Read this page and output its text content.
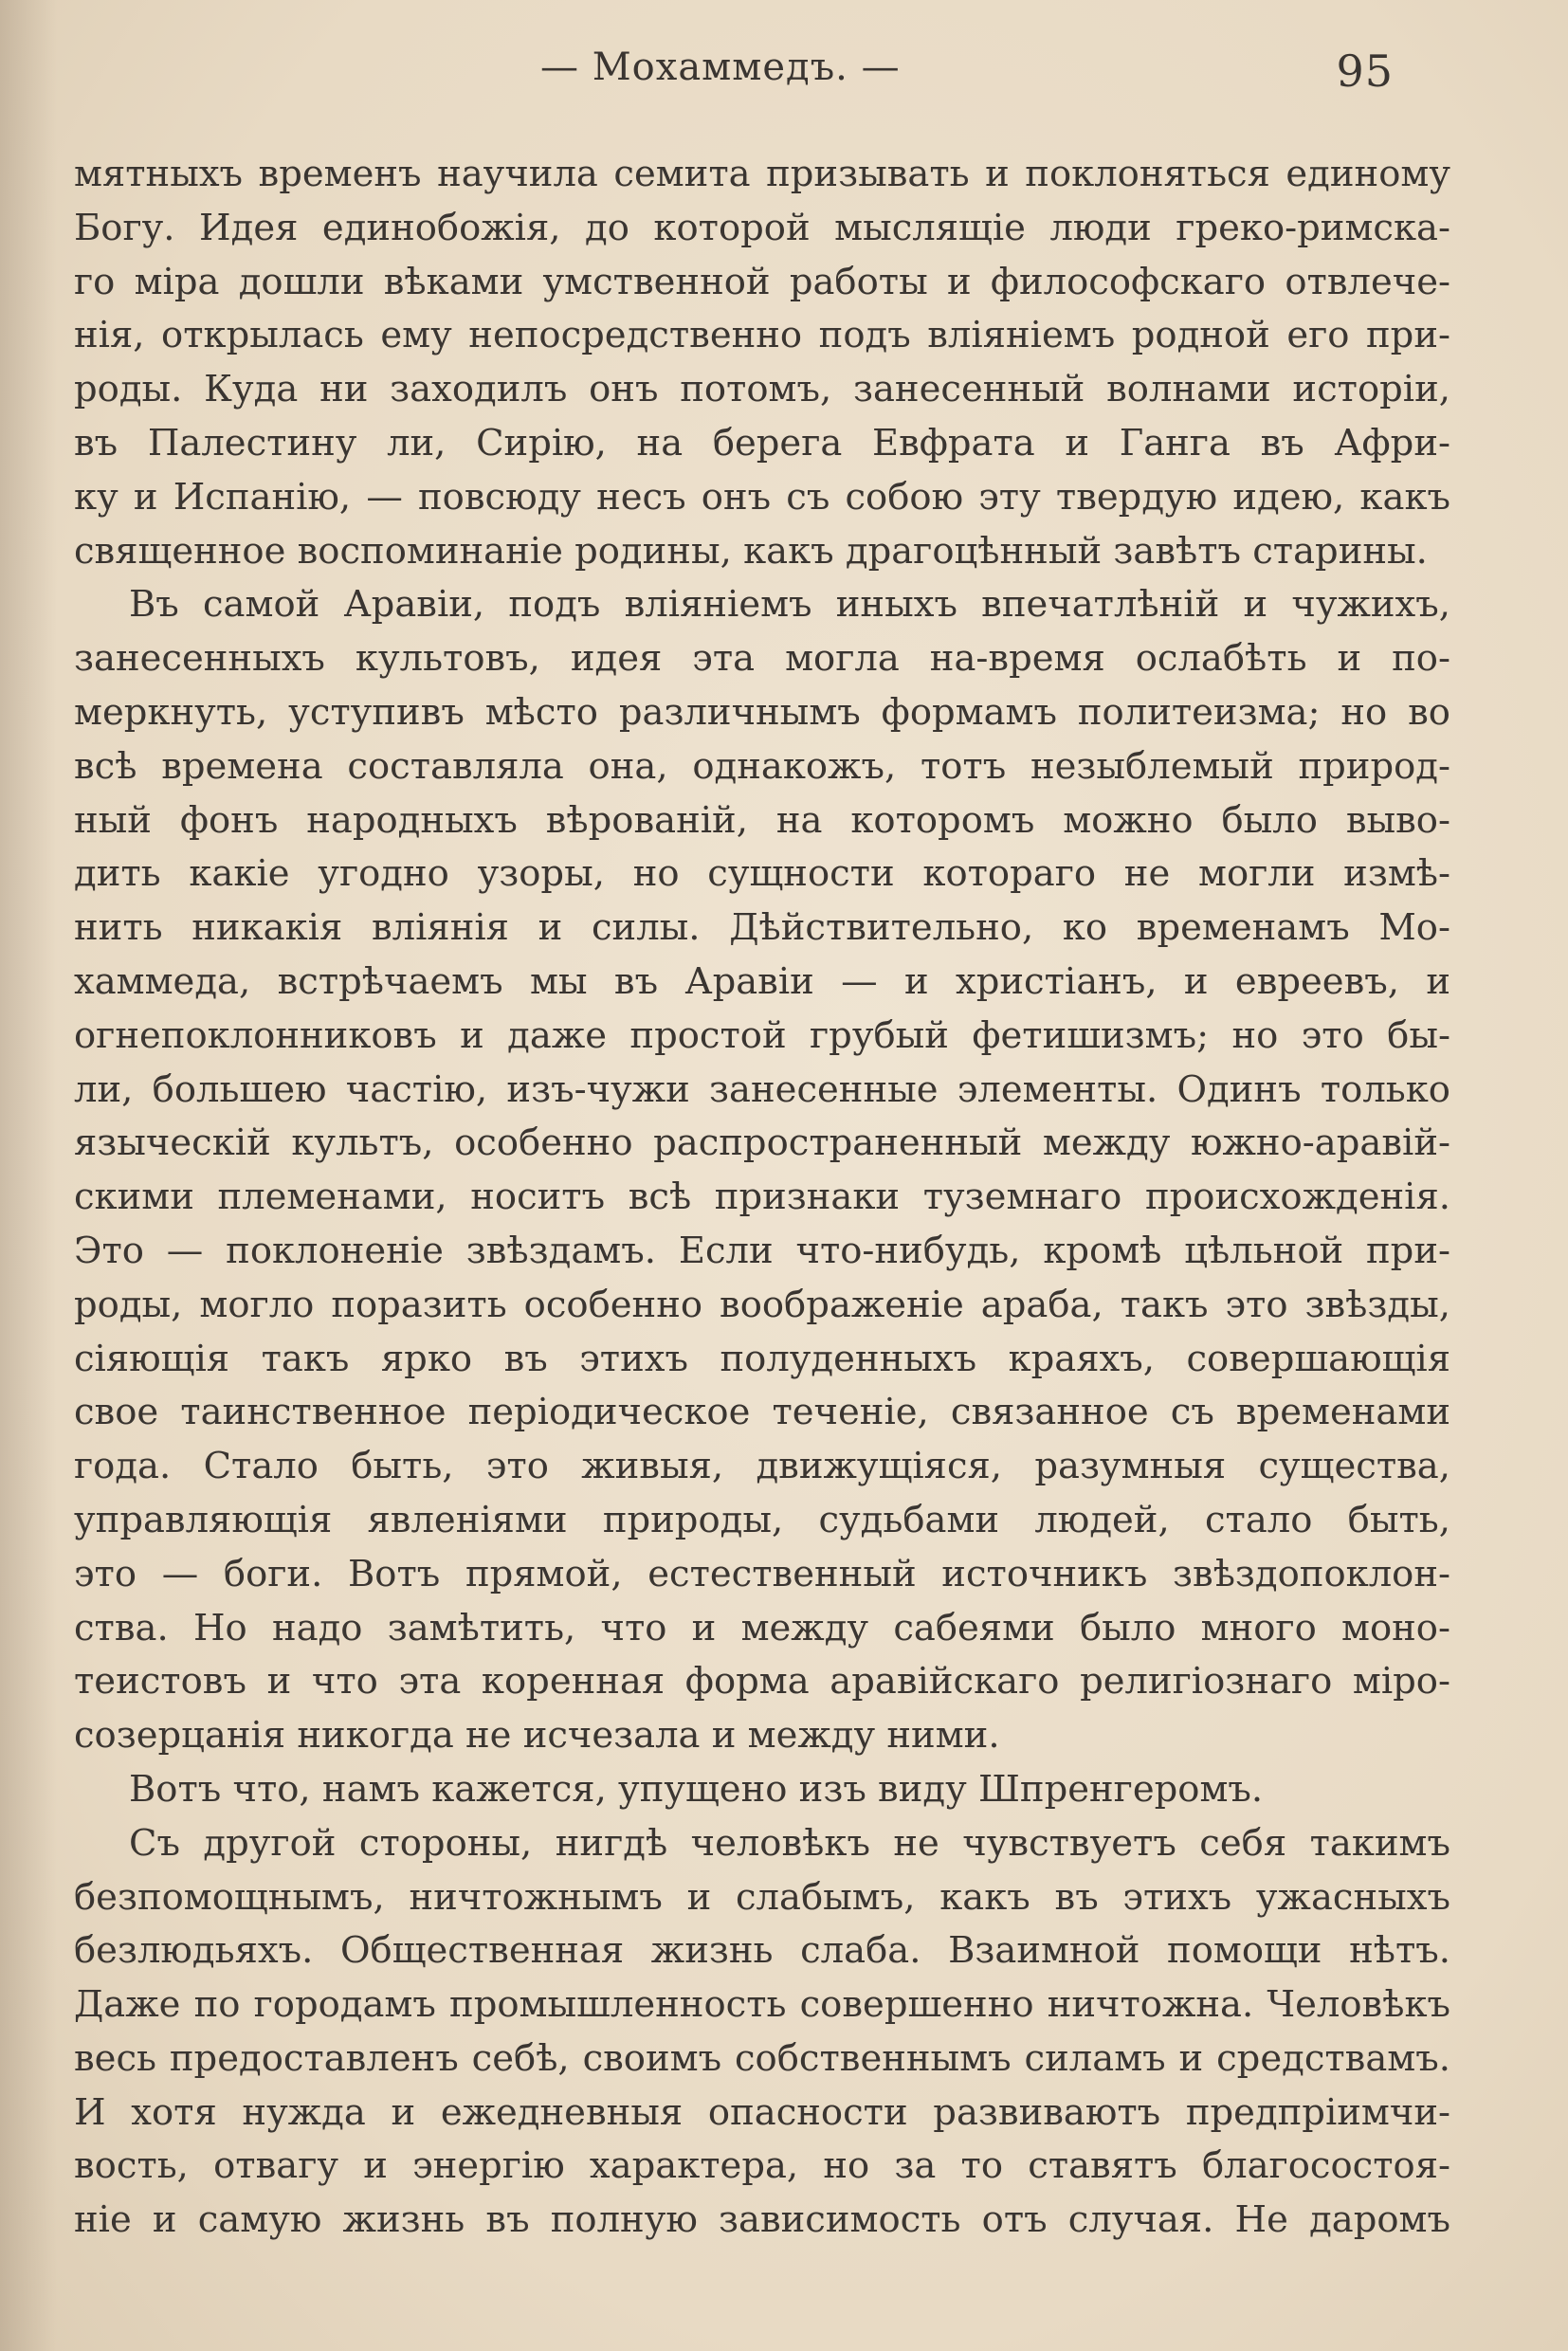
— Мохаммедъ. —	95
мятныхъ временъ научила семита призывать и поклоняться единому
Богу. Идея единобожія, до которой мыслящіе люди греко-римска-
го міра дошли вѣками умственной работы и философскаго отвлече-
нія, открылась ему непосредственно подъ вліяніемъ родной его при-
роды. Куда ни заходилъ онъ потомъ, занесенный волнами исторіи,
въ Палестину ли, Сирію, на берега Евфрата и Ганга въ Афри-
ку и Испанію, — повсюду несъ онъ съ собою эту твердую идею, какъ
священное воспоминаніе родины, какъ драгоцѣнный завѣтъ старины.
Въ самой Аравіи, подъ вліяніемъ иныхъ впечатлѣній и чужихъ,
занесенныхъ культовъ, идея эта могла на-время ослабѣть и по-
меркнуть, уступивъ мѣсто различнымъ формамъ политеизма; но во
всѣ времена составляла она, однакожъ, тотъ незыблемый природ-
ный фонъ народныхъ вѣрованій, на которомъ можно было выво-
дить какіе угодно узоры, но сущности котораго не могли измѣ-
нить никакія вліянія и силы. Дѣйствительно, ко временамъ Мо-
хаммеда, встрѣчаемъ мы въ Аравіи — и христіанъ, и евреевъ, и
огнепоклонниковъ и даже простой грубый фетишизмъ; но это бы-
ли, большею частію, изъ-чужи занесенные элементы. Одинъ только
языческій культъ, особенно распространенный между южно-аравій-
скими племенами, носитъ всѣ признаки туземнаго происхожденія.
Это — поклоненіе звѣздамъ. Если что-нибудь, кромѣ цѣльной при-
роды, могло поразить особенно воображеніе араба, такъ это звѣзды,
сіяющія такъ ярко въ этихъ полуденныхъ краяхъ, совершающія
свое таинственное періодическое теченіе, связанное съ временами
года. Стало быть, это живыя, движущіяся, разумныя существа,
управляющія явленіями природы, судьбами людей, стало быть,
это — боги. Вотъ прямой, естественный источникъ звѣздопоклон-
ства. Но надо замѣтить, что и между сабеями было много моно-
теистовъ и что эта коренная форма аравійскаго религіознаго міро-
созерцанія никогда не исчезала и между ними.
Вотъ что, намъ кажется, упущено изъ виду Шпренгеромъ.
Съ другой стороны, нигдѣ человѣкъ не чувствуетъ себя такимъ
безпомощнымъ, ничтожнымъ и слабымъ, какъ въ этихъ ужасныхъ
безлюдьяхъ. Общественная жизнь слаба. Взаимной помощи нѣтъ.
Даже по городамъ промышленность совершенно ничтожна. Человѣкъ
весь предоставленъ себѣ, своимъ собственнымъ силамъ и средствамъ.
И хотя нужда и ежедневныя опасности развиваютъ предпріимчи-
вость, отвагу и энергію характера, но за то ставятъ благосостоя-
ніе и самую жизнь въ полную зависимость отъ случая. Не даромъ
